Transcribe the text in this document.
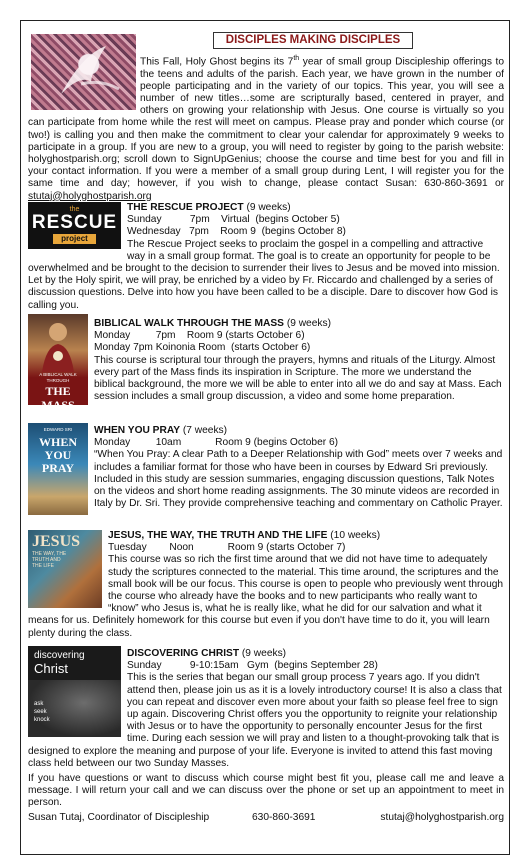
DISCIPLES MAKING DISCIPLES
This Fall, Holy Ghost begins its 7th year of small group Discipleship offerings to the teens and adults of the parish. Each year, we have grown in the number of people participating and in the variety of our topics. This year, you will see a number of new titles…some are scripturally based, centered in prayer, and others on growing your relationship with Jesus. One course is virtually so you can participate from home while the rest will meet on campus. Please pray and ponder which course (or two!) is calling you and then make the commitment to clear your calendar for approximately 9 weeks to participate in a group. If you are new to a group, you will need to register by going to the parish website: holyghostparish.org; scroll down to SignUpGenius; choose the course and time best for you and fill in your contact information. If you were a member of a small group during Lent, I will register you for the same time and day; however, if you wish to change, please contact Susan: 630-860-3691 or stutaj@holyghostparish.org
the
RESCUE
project
THE RESCUE PROJECT (9 weeks)
Sunday          7pm    Virtual  (begins October 5)
Wednesday   7pm    Room 9  (begins October 8)
The Rescue Project seeks to proclaim the gospel in a compelling and attractive way in a small group format. The goal is to create an opportunity for people to be overwhelmed and be brought to the decision to surrender their lives to Jesus and be moved into mission. Let by the Holy spirit, we will pray, be enriched by a video by Fr. Riccardo and challenged by a series of discussion questions. Delve into how you have been called to be a disciple. Dare to discover how God is calling you.
A BIBLICAL WALK THROUGH
THE MASS
BIBLICAL WALK THROUGH THE MASS (9 weeks)
Monday         7pm    Room 9 (starts October 6)
Monday 7pm Koinonia Room  (starts October 6)
This course is scriptural tour through the prayers, hymns and rituals of the Liturgy. Almost every part of the Mass finds its inspiration in Scripture. The more we understand the biblical background, the more we will be able to enter into all we do and say at Mass. Each session includes a small group discussion, a video and some home preparation.
EDWARD SRI
WHEN YOU PRAY
WHEN YOU PRAY (7 weeks)
Monday         10am            Room 9 (begins October 6)
“When You Pray: A clear Path to a Deeper Relationship with God” meets over 7 weeks and includes a familiar format for those who have been in courses by Edward Sri previously. Included in this study are session summaries, engaging discussion questions, Talk Notes on the videos and short home reading assignments. The 30 minute videos are recorded in Italy by Dr. Sri. They provide comprehensive teaching and commentary on Catholic Prayer.
JESUS
THE WAY, THE TRUTH AND THE LIFE
JESUS, THE WAY, THE TRUTH AND THE LIFE (10 weeks)
Tuesday        Noon            Room 9 (starts October 7)
This course was so rich the first time around that we did not have time to adequately study the scriptures connected to the material. This time around, the scriptures and the small book will be our focus. This course is open to people who previously went through the course who already have the books and to new participants who really want to “know” who Jesus is, what he is really like, what he did for our salvation and what it means for us. Definitely homework for this course but even if you don't have time to do it, you will learn plenty during the class.
discovering
Christ
ask
seek
knock
DISCOVERING CHRIST (9 weeks)
Sunday          9-10:15am   Gym  (begins September 28)
This is the series that began our small group process 7 years ago. If you didn't attend then, please join us as it is a lovely introductory course! It is also a class that you can repeat and discover even more about your faith so please feel free to sign up again. Discovering Christ offers you the opportunity to reignite your relationship with Jesus or to have the opportunity to personally encounter Jesus for the first time. During each session we will pray and listen to a thought-provoking talk that is designed to explore the meaning and purpose of your life. Everyone is invited to attend this fast moving class held between our two Sunday Masses.
If you have questions or want to discuss which course might best fit you, please call me and leave a message. I will return your call and we can discuss over the phone or set up an appointment to meet in person.
Susan Tutaj, Coordinator of Discipleship	630-860-3691	stutaj@holyghostparish.org
